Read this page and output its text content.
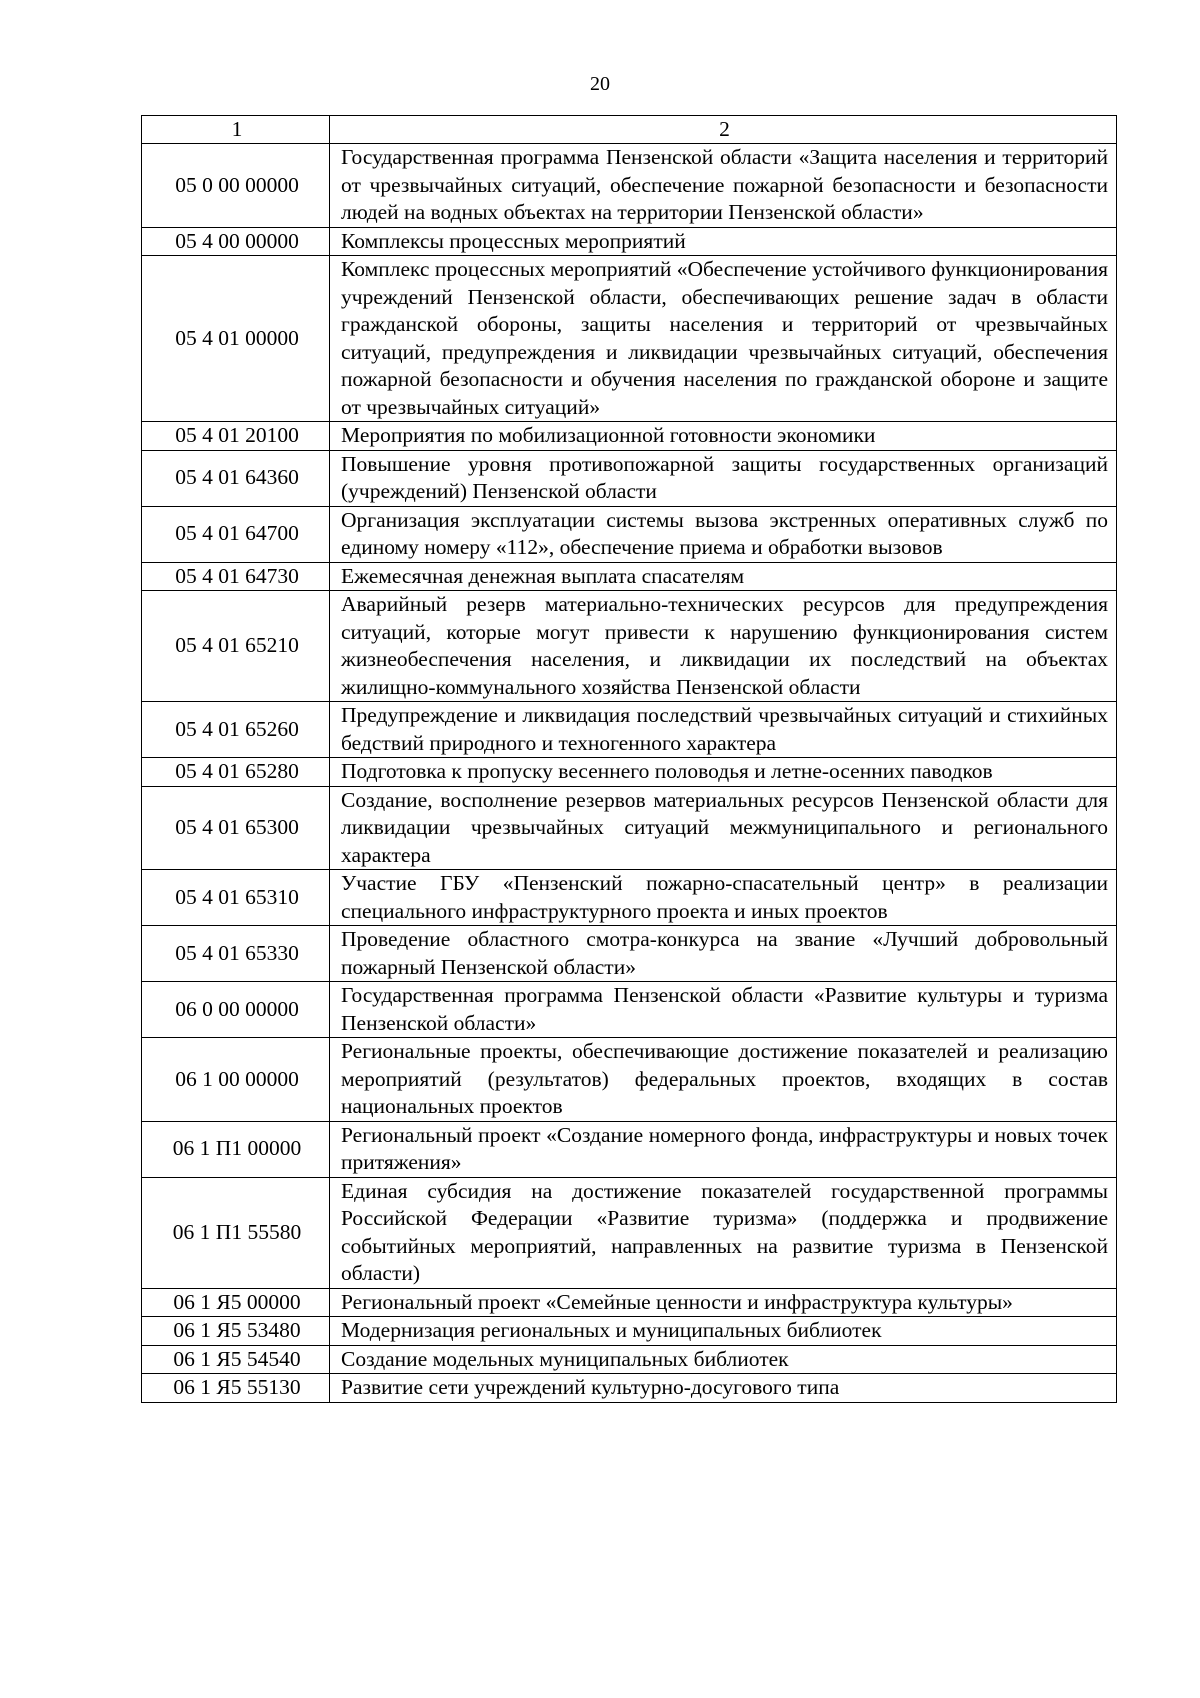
20
1	2
05 0 00 00000	Государственная программа Пензенской области «Защита населения и территорий от чрезвычайных ситуаций, обеспечение пожарной безопасности и безопасности людей на водных объектах на территории Пензенской области»
05 4 00 00000	Комплексы процессных мероприятий
05 4 01 00000	Комплекс процессных мероприятий «Обеспечение устойчивого функционирования учреждений Пензенской области, обеспечивающих решение задач в области гражданской обороны, защиты населения и территорий от чрезвычайных ситуаций, предупреждения и ликвидации чрезвычайных ситуаций, обеспечения пожарной безопасности и обучения населения по гражданской обороне и защите от чрезвычайных ситуаций»
05 4 01 20100	Мероприятия по мобилизационной готовности экономики
05 4 01 64360	Повышение уровня противопожарной защиты государственных организаций (учреждений) Пензенской области
05 4 01 64700	Организация эксплуатации системы вызова экстренных оперативных служб по единому номеру «112», обеспечение приема и обработки вызовов
05 4 01 64730	Ежемесячная денежная выплата спасателям
05 4 01 65210	Аварийный резерв материально-технических ресурсов для предупреждения ситуаций, которые могут привести к нарушению функционирования систем жизнеобеспечения населения, и ликвидации их последствий на объектах жилищно-коммунального хозяйства Пензенской области
05 4 01 65260	Предупреждение и ликвидация последствий чрезвычайных ситуаций и стихийных бедствий природного и техногенного характера
05 4 01 65280	Подготовка к пропуску весеннего половодья и летне-осенних паводков
05 4 01 65300	Создание, восполнение резервов материальных ресурсов Пензенской области для ликвидации чрезвычайных ситуаций межмуниципального и регионального характера
05 4 01 65310	Участие ГБУ «Пензенский пожарно-спасательный центр» в реализации специального инфраструктурного проекта и иных проектов
05 4 01 65330	Проведение областного смотра-конкурса на звание «Лучший добровольный пожарный Пензенской области»
06 0 00 00000	Государственная программа Пензенской области «Развитие культуры и туризма Пензенской области»
06 1 00 00000	Региональные проекты, обеспечивающие достижение показателей и реализацию мероприятий (результатов) федеральных проектов, входящих в состав национальных проектов
06 1 П1 00000	Региональный проект «Создание номерного фонда, инфраструктуры и новых точек притяжения»
06 1 П1 55580	Единая субсидия на достижение показателей государственной программы Российской Федерации «Развитие туризма» (поддержка и продвижение событийных мероприятий, направленных на развитие туризма в Пензенской области)
06 1 Я5 00000	Региональный проект «Семейные ценности и инфраструктура культуры»
06 1 Я5 53480	Модернизация региональных и муниципальных библиотек
06 1 Я5 54540	Создание модельных муниципальных библиотек
06 1 Я5 55130	Развитие сети учреждений культурно-досугового типа
